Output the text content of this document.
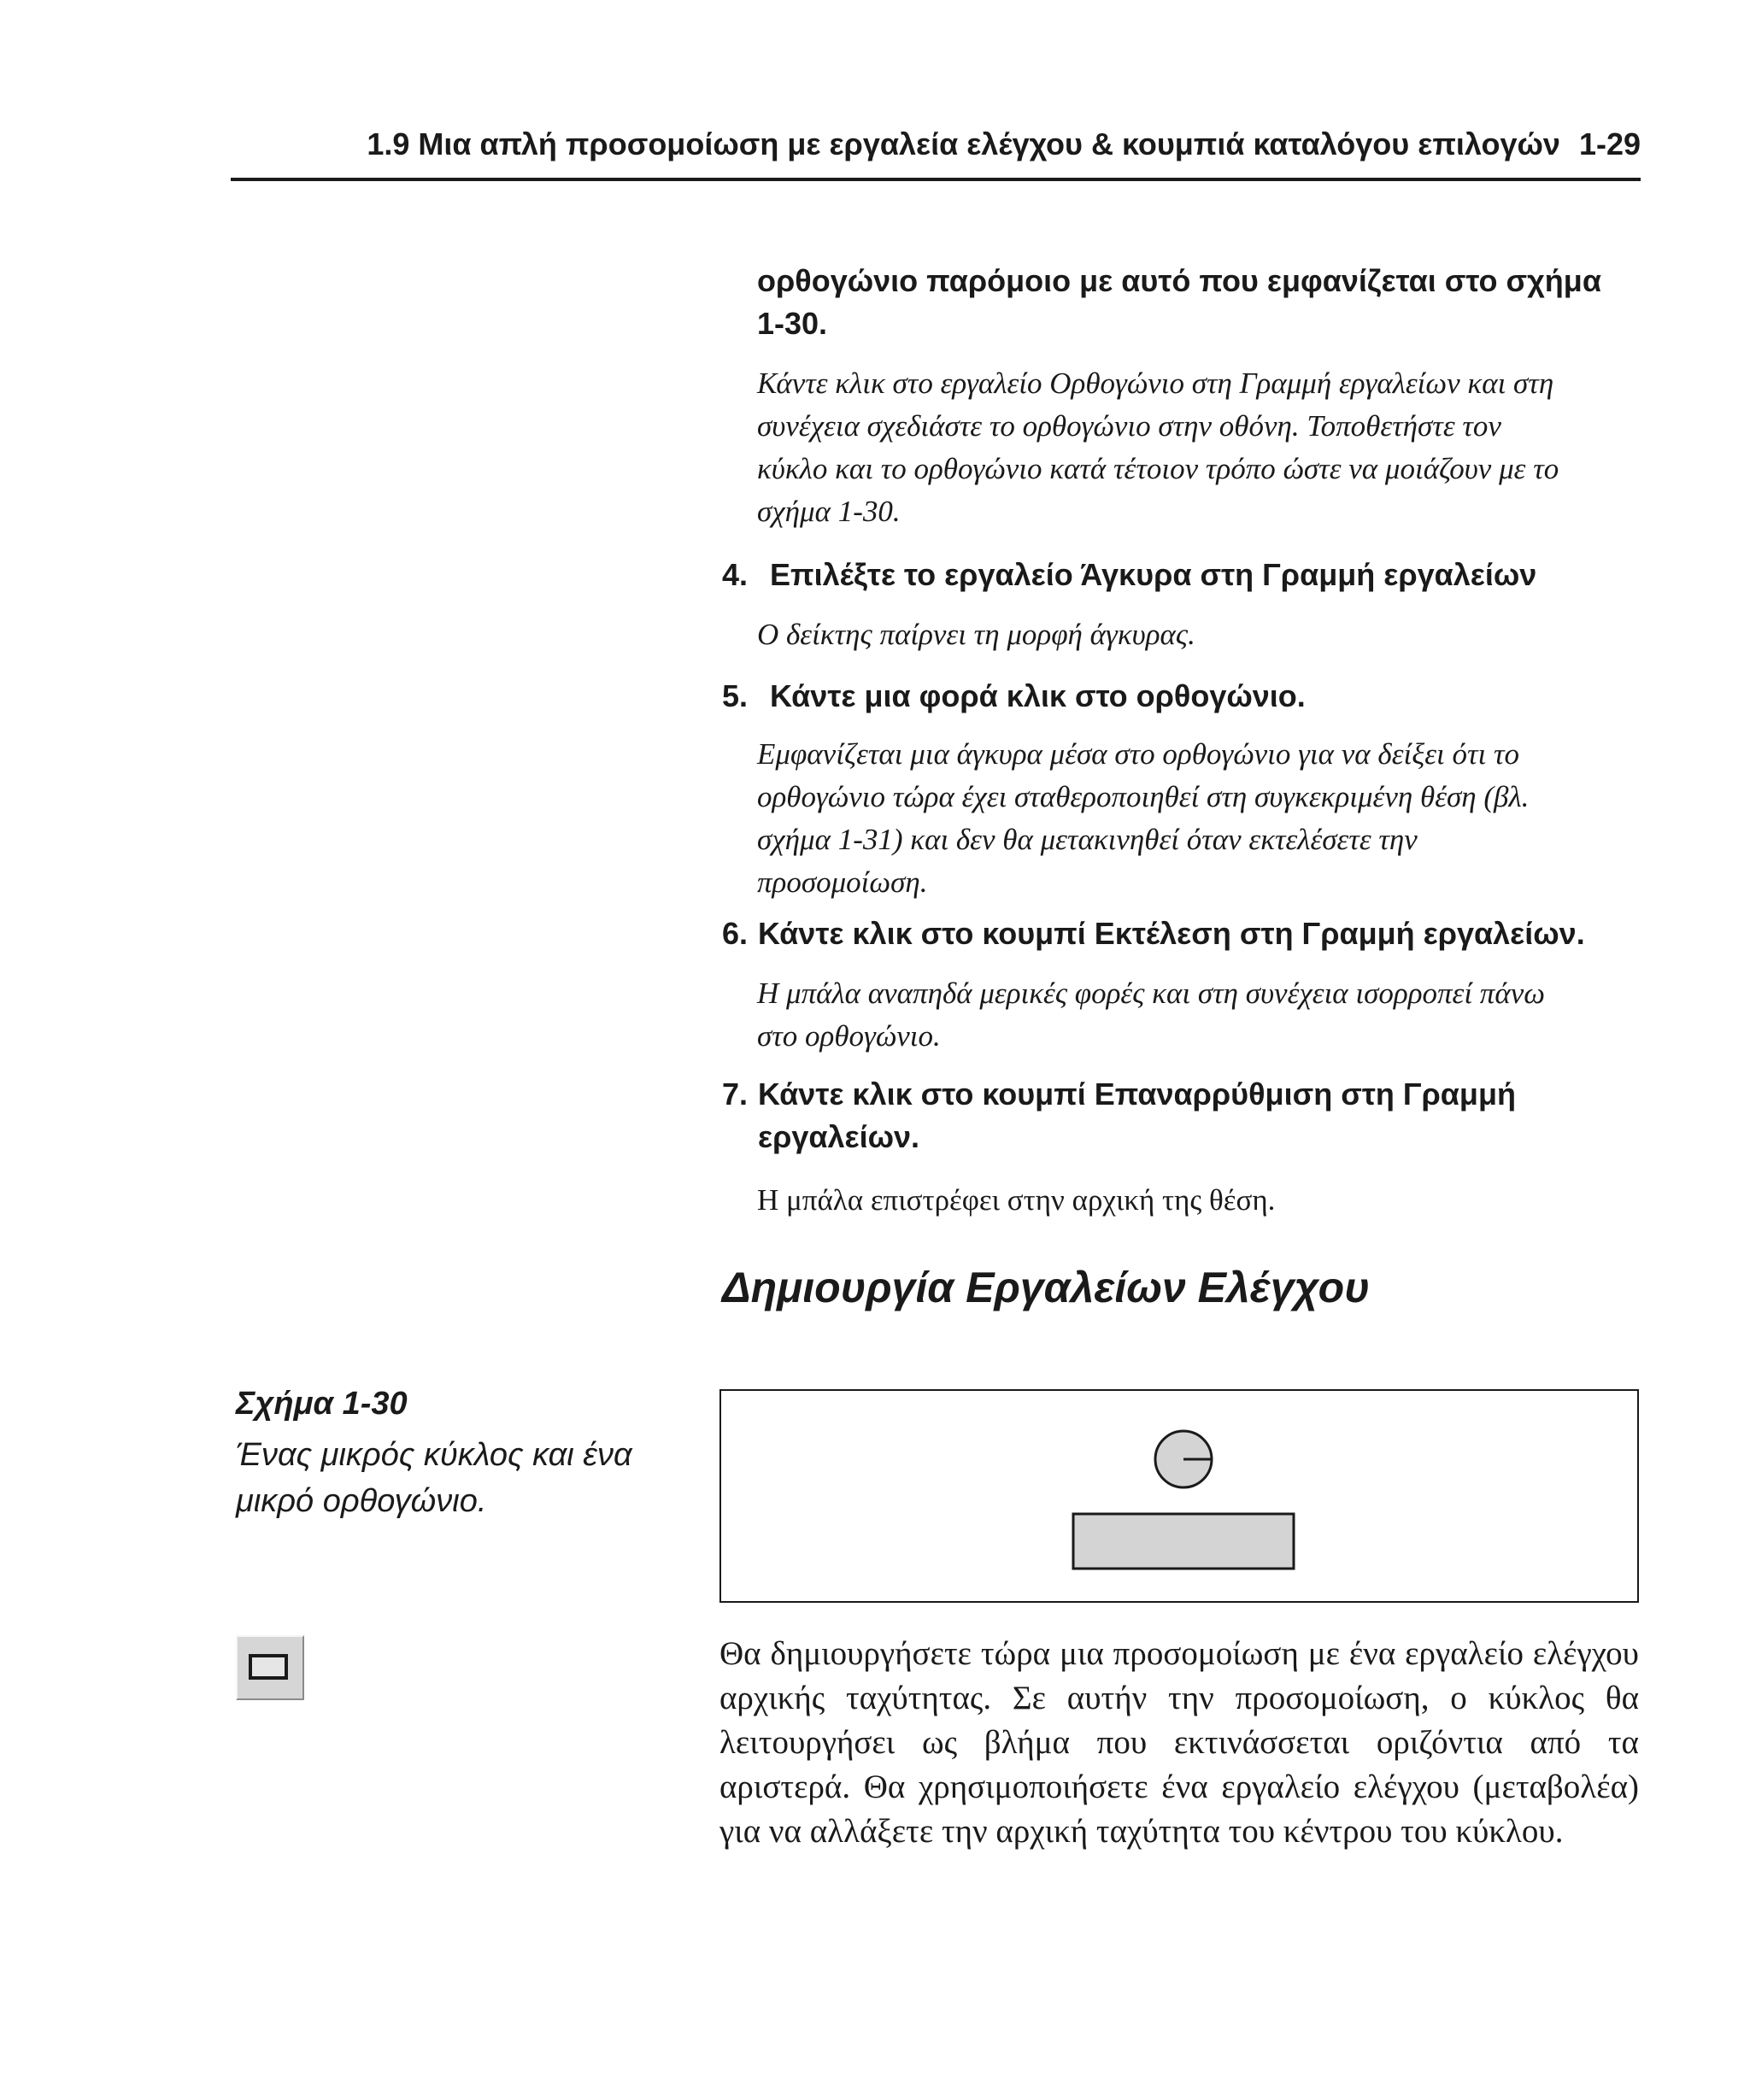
1.9 Μια απλή προσομοίωση με εργαλεία ελέγχου & κουμπιά καταλόγου επιλογών 1-29
ορθογώνιο παρόμοιο με αυτό που εμφανίζεται στο σχήμα
1-30.
Κάντε κλικ στο εργαλείο Ορθογώνιο στη Γραμμή εργαλείων και στη
συνέχεια σχεδιάστε το ορθογώνιο στην οθόνη. Τοποθετήστε τον
κύκλο και το ορθογώνιο κατά τέτοιον τρόπο ώστε να μοιάζουν με το
σχήμα 1-30.
4. Επιλέξτε το εργαλείο Άγκυρα στη Γραμμή εργαλείων
Ο δείκτης παίρνει τη μορφή άγκυρας.
5. Κάντε μια φορά κλικ στο ορθογώνιο.
Εμφανίζεται μια άγκυρα μέσα στο ορθογώνιο για να δείξει ότι το
ορθογώνιο τώρα έχει σταθεροποιηθεί στη συγκεκριμένη θέση (βλ.
σχήμα 1-31) και δεν θα μετακινηθεί όταν εκτελέσετε την
προσομοίωση.
6. Κάντε κλικ στο κουμπί Εκτέλεση στη Γραμμή εργαλείων.
Η μπάλα αναπηδά μερικές φορές και στη συνέχεια ισορροπεί πάνω
στο ορθογώνιο.
7. Κάντε κλικ στο κουμπί Επαναρρύθμιση στη Γραμμή
εργαλείων.
Η μπάλα επιστρέφει στην αρχική της θέση.
Δημιουργία Εργαλείων Ελέγχου
Σχήμα 1-30
Ένας μικρός κύκλος και ένα μικρό ορθογώνιο.
Θα δημιουργήσετε τώρα μια προσομοίωση με ένα εργαλείο ελέγχου αρχικής ταχύτητας. Σε αυτήν την προσομοίωση, ο κύκλος θα λειτουργήσει ως βλήμα που εκτινάσσεται οριζόντια από τα αριστερά. Θα χρησιμοποιήσετε ένα εργαλείο ελέγχου (μεταβολέα) για να αλλάξετε την αρχική ταχύτητα του κέντρου του κύκλου.
